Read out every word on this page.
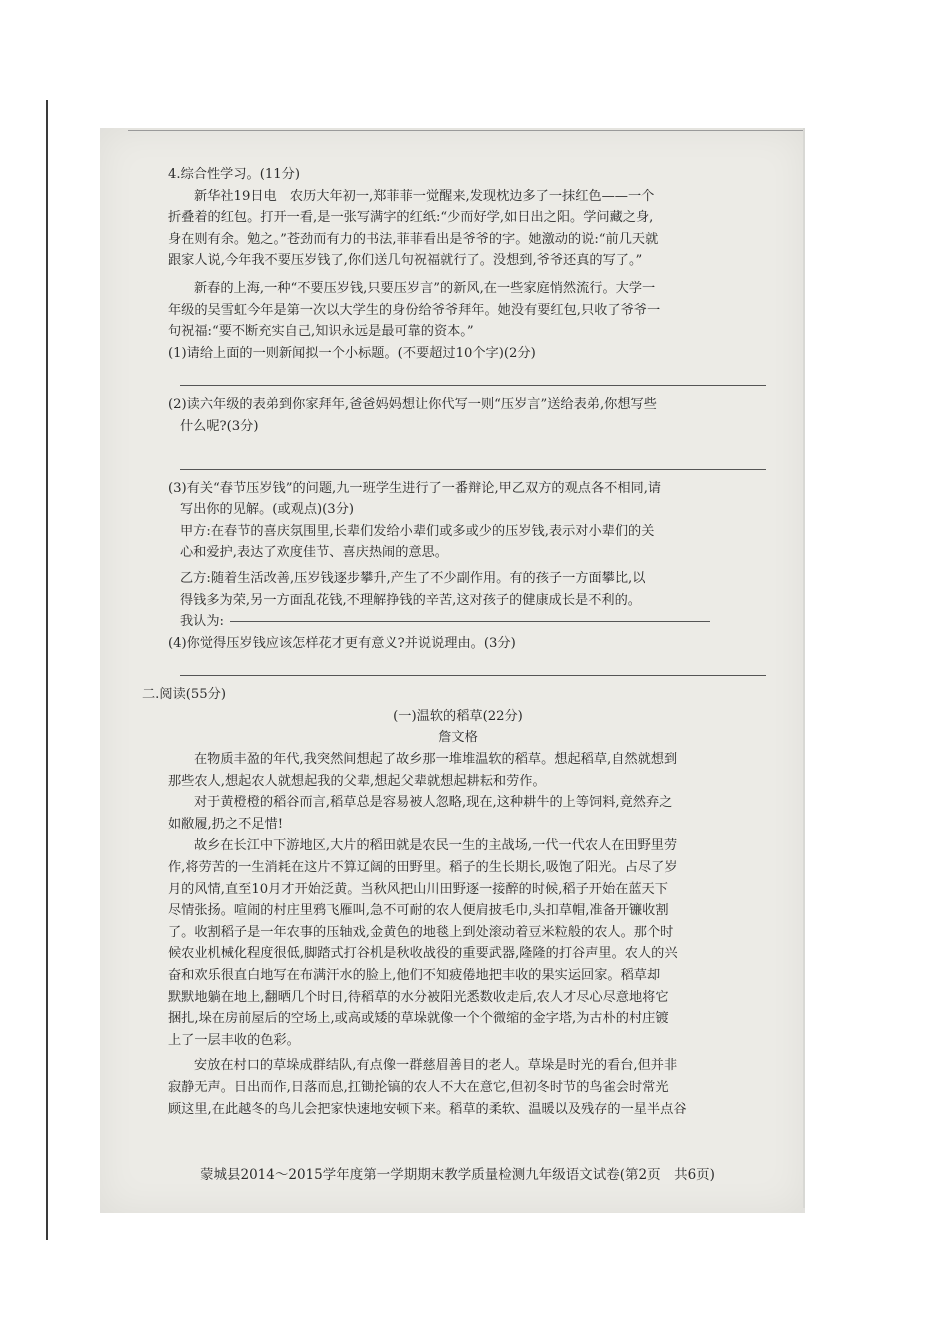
4.综合性学习。(11分)

新华社19日电　农历大年初一,郑菲菲一觉醒来,发现枕边多了一抹红色——一个

折叠着的红包。打开一看,是一张写满字的红纸:“少而好学,如日出之阳。学问藏之身,

身在则有余。勉之。”苍劲而有力的书法,菲菲看出是爷爷的字。她激动的说:“前几天就

跟家人说,今年我不要压岁钱了,你们送几句祝福就行了。没想到,爷爷还真的写了。”

新春的上海,一种“不要压岁钱,只要压岁言”的新风,在一些家庭悄然流行。大学一

年级的吴雪虹今年是第一次以大学生的身份给爷爷拜年。她没有要红包,只收了爷爷一

句祝福:“要不断充实自己,知识永远是最可靠的资本。”

(1)请给上面的一则新闻拟一个小标题。(不要超过10个字)(2分)

(2)读六年级的表弟到你家拜年,爸爸妈妈想让你代写一则“压岁言”送给表弟,你想写些

什么呢?(3分)

(3)有关“春节压岁钱”的问题,九一班学生进行了一番辩论,甲乙双方的观点各不相同,请

写出你的见解。(或观点)(3分)

甲方:在春节的喜庆氛围里,长辈们发给小辈们或多或少的压岁钱,表示对小辈们的关

心和爱护,表达了欢度佳节、喜庆热闹的意思。

乙方:随着生活改善,压岁钱逐步攀升,产生了不少副作用。有的孩子一方面攀比,以

得钱多为荣,另一方面乱花钱,不理解挣钱的辛苦,这对孩子的健康成长是不利的。

我认为:

(4)你觉得压岁钱应该怎样花才更有意义?并说说理由。(3分)

二.阅读(55分)

(一)温软的稻草(22分)

詹文格

在物质丰盈的年代,我突然间想起了故乡那一堆堆温软的稻草。想起稻草,自然就想到

那些农人,想起农人就想起我的父辈,想起父辈就想起耕耘和劳作。

对于黄橙橙的稻谷而言,稻草总是容易被人忽略,现在,这种耕牛的上等饲料,竟然弃之

如敝履,扔之不足惜!

故乡在长江中下游地区,大片的稻田就是农民一生的主战场,一代一代农人在田野里劳

作,将劳苦的一生消耗在这片不算辽阔的田野里。稻子的生长期长,吸饱了阳光。占尽了岁

月的风情,直至10月才开始泛黄。当秋风把山川田野逐一接醉的时候,稻子开始在蓝天下

尽情张扬。喧闹的村庄里鸦飞雁叫,急不可耐的农人便肩披毛巾,头扣草帽,准备开镰收割

了。收割稻子是一年农事的压轴戏,金黄色的地毯上到处滚动着豆米粒般的农人。那个时

候农业机械化程度很低,脚踏式打谷机是秋收战役的重要武器,隆隆的打谷声里。农人的兴

奋和欢乐很直白地写在布满汗水的脸上,他们不知疲倦地把丰收的果实运回家。稻草却

默默地躺在地上,翻晒几个时日,待稻草的水分被阳光悉数收走后,农人才尽心尽意地将它

捆扎,垛在房前屋后的空场上,或高或矮的草垛就像一个个微缩的金字塔,为古朴的村庄镀

上了一层丰收的色彩。

安放在村口的草垛成群结队,有点像一群慈眉善目的老人。草垛是时光的看台,但并非

寂静无声。日出而作,日落而息,扛锄抡镐的农人不大在意它,但初冬时节的鸟雀会时常光

顾这里,在此越冬的鸟儿会把家快速地安顿下来。稻草的柔软、温暖以及残存的一星半点谷

蒙城县2014～2015学年度第一学期期末教学质量检测九年级语文试卷(第2页　共6页)
